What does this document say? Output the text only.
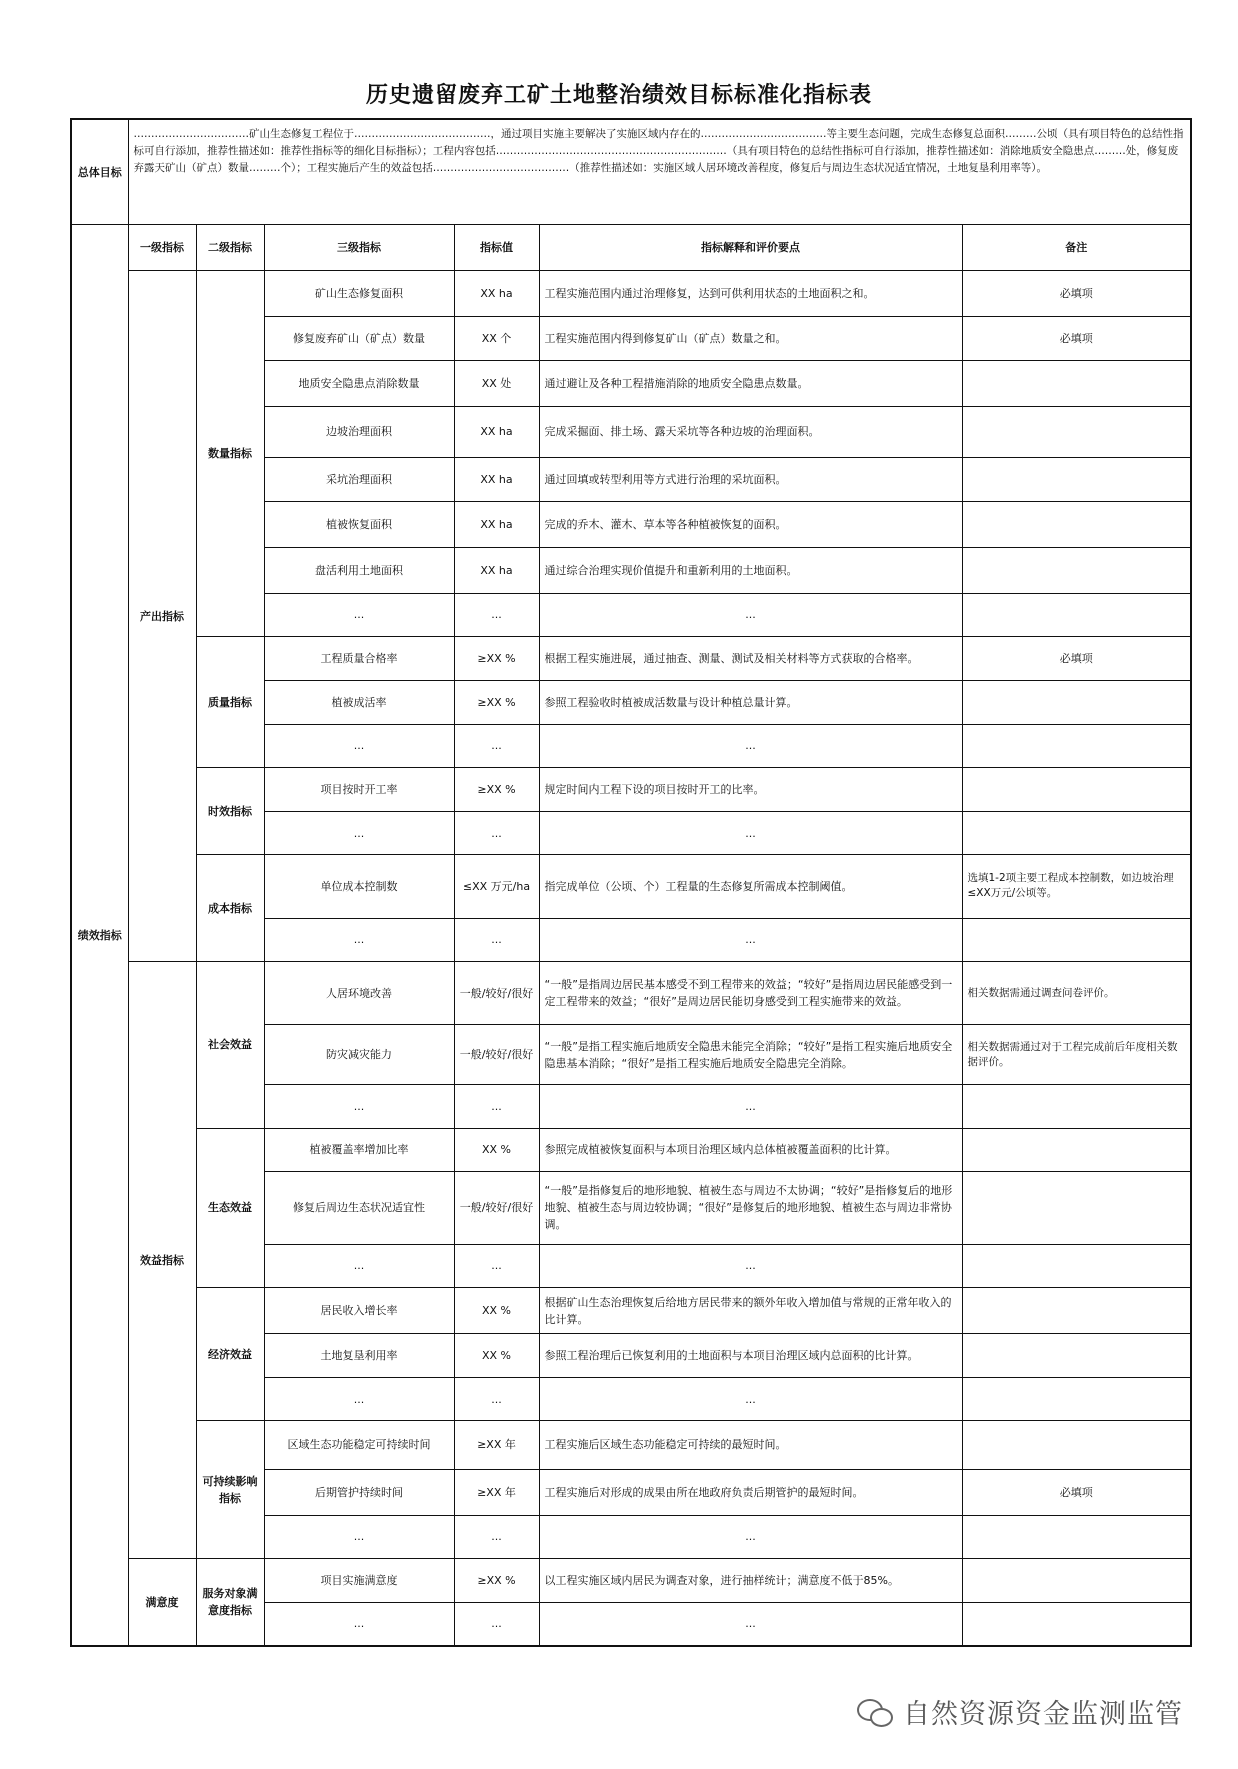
历史遗留废弃工矿土地整治绩效目标标准化指标表
总体目标	……………………………矿山生态修复工程位于…………………………………，通过项目实施主要解决了实施区域内存在的………………………………等主要生态问题，完成生态修复总面积………公顷（具有项目特色的总结性指标可自行添加，推荐性描述如：推荐性指标等的细化目标指标）；工程内容包括…………………………………………………………（具有项目特色的总结性指标可自行添加，推荐性描述如：消除地质安全隐患点………处，修复废弃露天矿山（矿点）数量………个）；工程实施后产生的效益包括…………………………………（推荐性描述如：实施区域人居环境改善程度，修复后与周边生态状况适宜情况，土地复垦利用率等）。					
绩效指标	一级指标	二级指标	三级指标	指标值	指标解释和评价要点	备注
	产出指标	数量指标	矿山生态修复面积	XX ha	工程实施范围内通过治理修复，达到可供利用状态的土地面积之和。	必填项
			修复废弃矿山（矿点）数量	XX 个	工程实施范围内得到修复矿山（矿点）数量之和。	必填项
			地质安全隐患点消除数量	XX 处	通过避让及各种工程措施消除的地质安全隐患点数量。	
			边坡治理面积	XX ha	完成采掘面、排土场、露天采坑等各种边坡的治理面积。	
			采坑治理面积	XX ha	通过回填或转型利用等方式进行治理的采坑面积。	
			植被恢复面积	XX ha	完成的乔木、灌木、草本等各种植被恢复的面积。	
			盘活利用土地面积	XX ha	通过综合治理实现价值提升和重新利用的土地面积。	
			...	...	...	
		质量指标	工程质量合格率	≥XX %	根据工程实施进展，通过抽查、测量、测试及相关材料等方式获取的合格率。	必填项
			植被成活率	≥XX %	参照工程验收时植被成活数量与设计种植总量计算。	
			...	...	...	
		时效指标	项目按时开工率	≥XX %	规定时间内工程下设的项目按时开工的比率。	
			...	...	...	
		成本指标	单位成本控制数	≤XX 万元/ha	指完成单位（公顷、个）工程量的生态修复所需成本控制阈值。	选填1-2项主要工程成本控制数，如边坡治理≤XX万元/公顷等。
			...	...	...	
	效益指标	社会效益	人居环境改善	一般/较好/很好	“一般”是指周边居民基本感受不到工程带来的效益；“较好”是指周边居民能感受到一定工程带来的效益；“很好”是周边居民能切身感受到工程实施带来的效益。	相关数据需通过调查问卷评价。
			防灾减灾能力	一般/较好/很好	“一般”是指工程实施后地质安全隐患未能完全消除；“较好”是指工程实施后地质安全隐患基本消除；“很好”是指工程实施后地质安全隐患完全消除。	相关数据需通过对于工程完成前后年度相关数据评价。
			...	...	...	
		生态效益	植被覆盖率增加比率	XX %	参照完成植被恢复面积与本项目治理区域内总体植被覆盖面积的比计算。	
			修复后周边生态状况适宜性	一般/较好/很好	“一般”是指修复后的地形地貌、植被生态与周边不太协调；“较好”是指修复后的地形地貌、植被生态与周边较协调；“很好”是修复后的地形地貌、植被生态与周边非常协调。	
			...	...	...	
		经济效益	居民收入增长率	XX %	根据矿山生态治理恢复后给地方居民带来的额外年收入增加值与常规的正常年收入的比计算。	
			土地复垦利用率	XX %	参照工程治理后已恢复利用的土地面积与本项目治理区域内总面积的比计算。	
			...	...	...	
		可持续影响指标	区域生态功能稳定可持续时间	≥XX 年	工程实施后区域生态功能稳定可持续的最短时间。	
			后期管护持续时间	≥XX 年	工程实施后对形成的成果由所在地政府负责后期管护的最短时间。	必填项
			...	...	...	
	满意度	服务对象满意度指标	项目实施满意度	≥XX %	以工程实施区域内居民为调查对象，进行抽样统计；满意度不低于85%。	
			...	...	...	
自然资源资金监测监管
